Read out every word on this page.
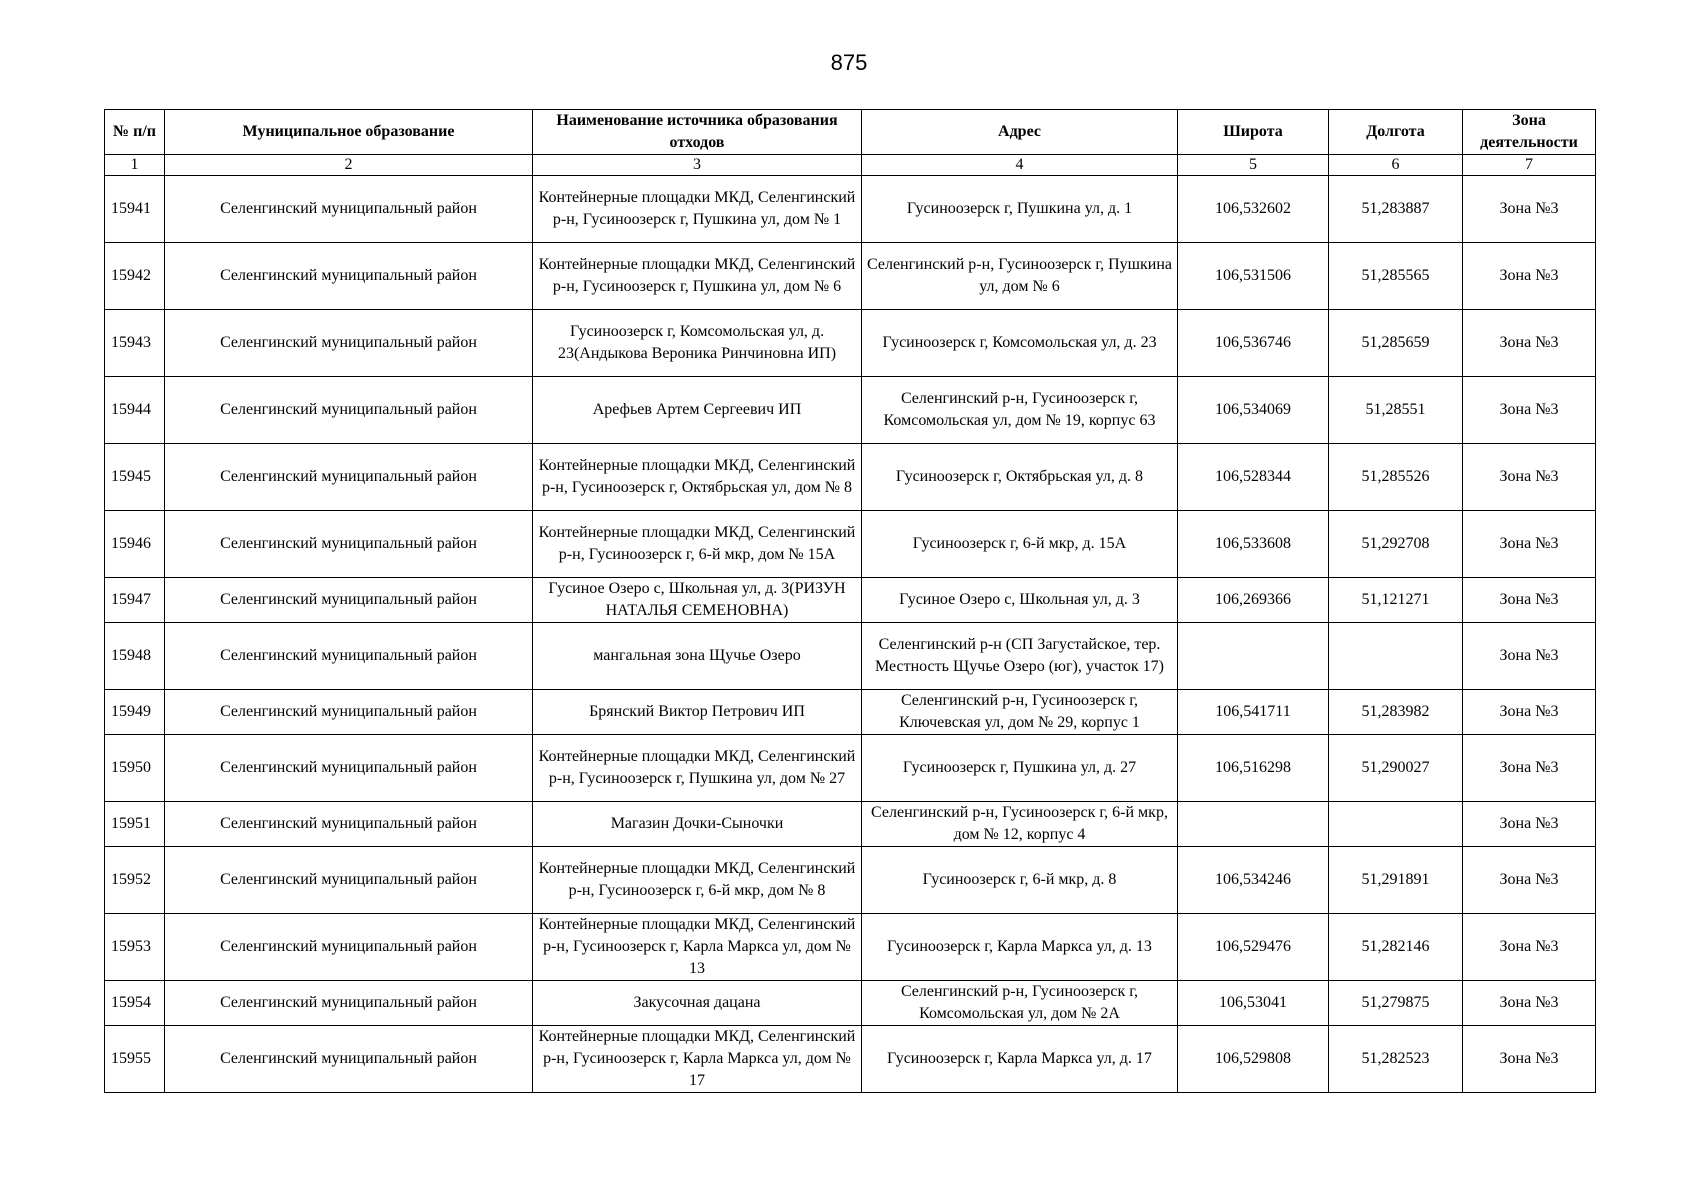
875
№ п/п	Муниципальное образование	Наименование источника образования отходов	Адрес	Широта	Долгота	Зона деятельности
1	2	3	4	5	6	7
15941	Селенгинский муниципальный район	Контейнерные площадки МКД, Селенгинский р-н, Гусиноозерск г, Пушкина ул, дом № 1	Гусиноозерск г, Пушкина ул, д. 1	106,532602	51,283887	Зона №3
15942	Селенгинский муниципальный район	Контейнерные площадки МКД, Селенгинский р-н, Гусиноозерск г, Пушкина ул, дом № 6	Селенгинский р-н, Гусиноозерск г, Пушкина ул, дом № 6	106,531506	51,285565	Зона №3
15943	Селенгинский муниципальный район	Гусиноозерск г, Комсомольская ул, д. 23(Андыкова Вероника Ринчиновна ИП)	Гусиноозерск г, Комсомольская ул, д. 23	106,536746	51,285659	Зона №3
15944	Селенгинский муниципальный район	Арефьев Артем Сергеевич ИП	Селенгинский р-н, Гусиноозерск г, Комсомольская ул, дом № 19, корпус 63	106,534069	51,28551	Зона №3
15945	Селенгинский муниципальный район	Контейнерные площадки МКД, Селенгинский р-н, Гусиноозерск г, Октябрьская ул, дом № 8	Гусиноозерск г, Октябрьская ул, д. 8	106,528344	51,285526	Зона №3
15946	Селенгинский муниципальный район	Контейнерные площадки МКД, Селенгинский р-н, Гусиноозерск г, 6-й мкр, дом № 15А	Гусиноозерск г, 6-й мкр, д. 15А	106,533608	51,292708	Зона №3
15947	Селенгинский муниципальный район	Гусиное Озеро с, Школьная ул, д. 3(РИЗУН НАТАЛЬЯ СЕМЕНОВНА)	Гусиное Озеро с, Школьная ул, д. 3	106,269366	51,121271	Зона №3
15948	Селенгинский муниципальный район	мангальная зона Щучье Озеро	Селенгинский р-н (СП Загустайское, тер. Местность Щучье Озеро (юг), участок 17)			Зона №3
15949	Селенгинский муниципальный район	Брянский Виктор Петрович ИП	Селенгинский р-н, Гусиноозерск г, Ключевская ул, дом № 29, корпус 1	106,541711	51,283982	Зона №3
15950	Селенгинский муниципальный район	Контейнерные площадки МКД, Селенгинский р-н, Гусиноозерск г, Пушкина ул, дом № 27	Гусиноозерск г, Пушкина ул, д. 27	106,516298	51,290027	Зона №3
15951	Селенгинский муниципальный район	Магазин Дочки-Сыночки	Селенгинский р-н, Гусиноозерск г, 6-й мкр, дом № 12, корпус 4			Зона №3
15952	Селенгинский муниципальный район	Контейнерные площадки МКД, Селенгинский р-н, Гусиноозерск г, 6-й мкр, дом № 8	Гусиноозерск г, 6-й мкр, д. 8	106,534246	51,291891	Зона №3
15953	Селенгинский муниципальный район	Контейнерные площадки МКД, Селенгинский р-н, Гусиноозерск г, Карла Маркса ул, дом № 13	Гусиноозерск г, Карла Маркса ул, д. 13	106,529476	51,282146	Зона №3
15954	Селенгинский муниципальный район	Закусочная дацана	Селенгинский р-н, Гусиноозерск г, Комсомольская ул, дом № 2А	106,53041	51,279875	Зона №3
15955	Селенгинский муниципальный район	Контейнерные площадки МКД, Селенгинский р-н, Гусиноозерск г, Карла Маркса ул, дом № 17	Гусиноозерск г, Карла Маркса ул, д. 17	106,529808	51,282523	Зона №3
